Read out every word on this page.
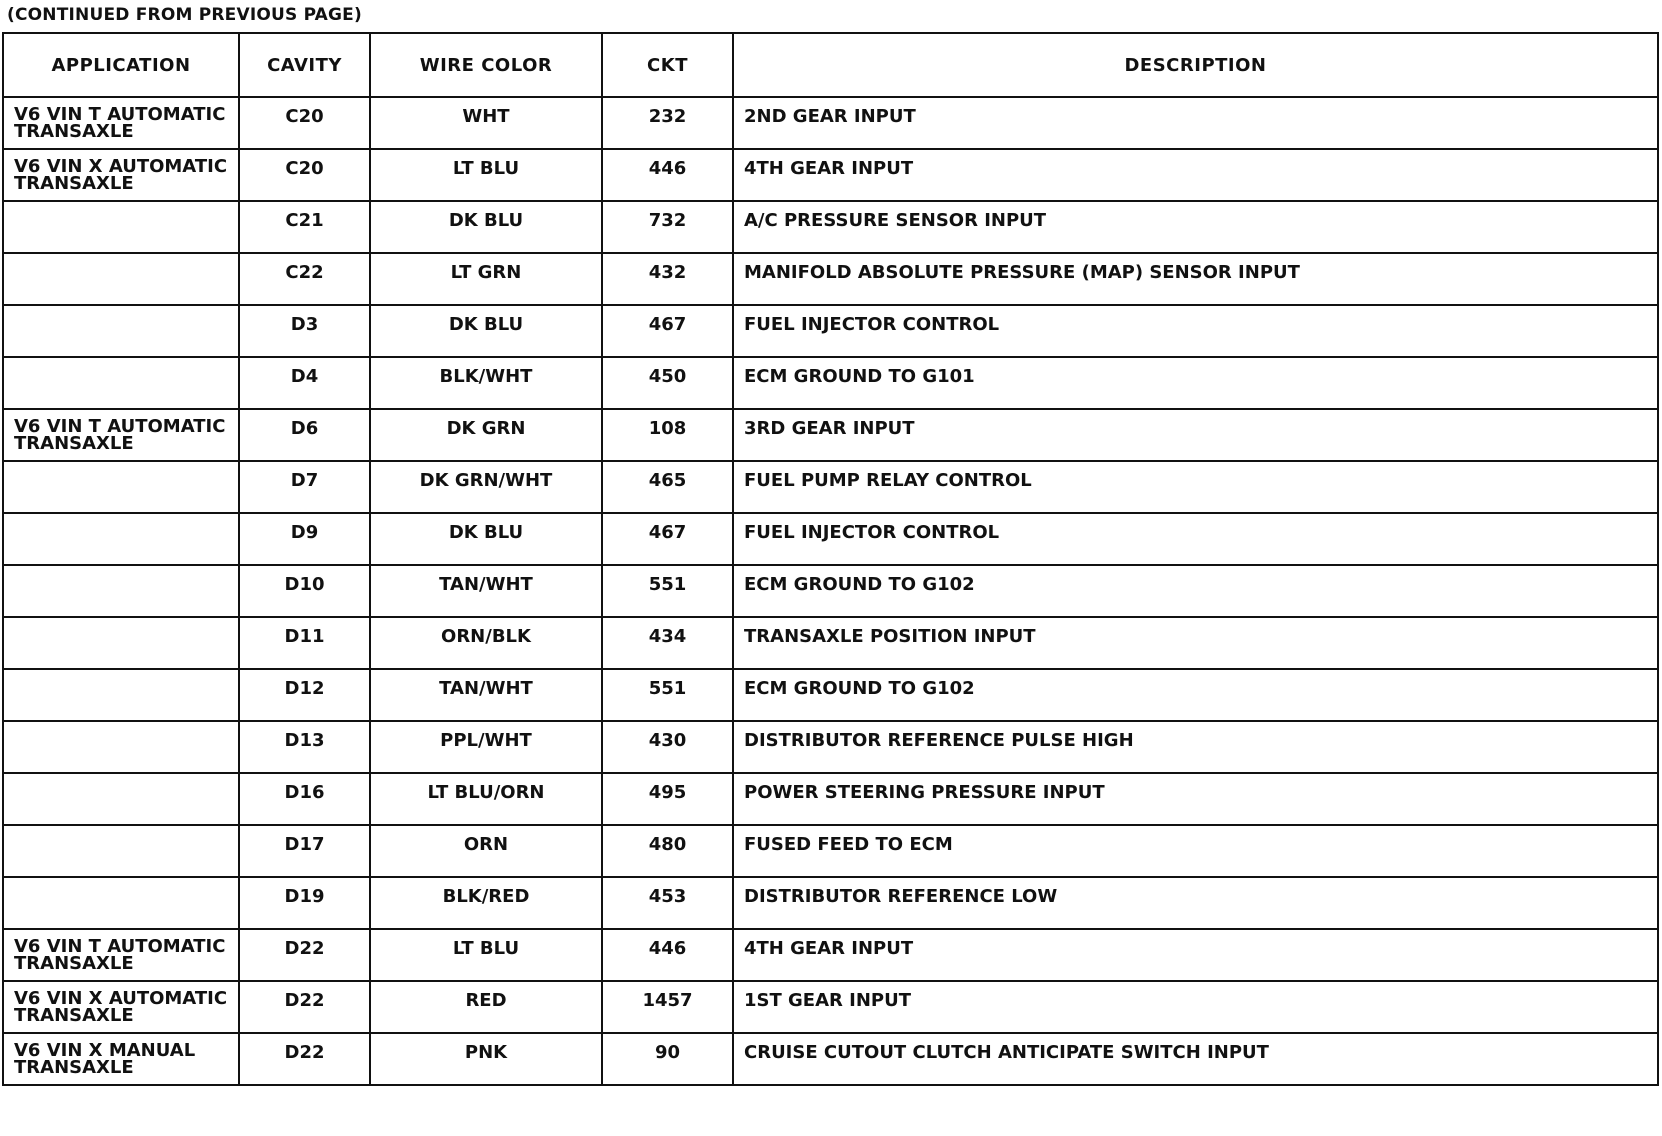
(CONTINUED FROM PREVIOUS PAGE)
APPLICATION	CAVITY	WIRE COLOR	CKT	DESCRIPTION
V6 VIN T AUTOMATIC TRANSAXLE	C20	WHT	232	2ND GEAR INPUT
V6 VIN X AUTOMATIC TRANSAXLE	C20	LT BLU	446	4TH GEAR INPUT
	C21	DK BLU	732	A/C PRESSURE SENSOR INPUT
	C22	LT GRN	432	MANIFOLD ABSOLUTE PRESSURE (MAP) SENSOR INPUT
	D3	DK BLU	467	FUEL INJECTOR CONTROL
	D4	BLK/WHT	450	ECM GROUND TO G101
V6 VIN T AUTOMATIC TRANSAXLE	D6	DK GRN	108	3RD GEAR INPUT
	D7	DK GRN/WHT	465	FUEL PUMP RELAY CONTROL
	D9	DK BLU	467	FUEL INJECTOR CONTROL
	D10	TAN/WHT	551	ECM GROUND TO G102
	D11	ORN/BLK	434	TRANSAXLE POSITION INPUT
	D12	TAN/WHT	551	ECM GROUND TO G102
	D13	PPL/WHT	430	DISTRIBUTOR REFERENCE PULSE HIGH
	D16	LT BLU/ORN	495	POWER STEERING PRESSURE INPUT
	D17	ORN	480	FUSED FEED TO ECM
	D19	BLK/RED	453	DISTRIBUTOR REFERENCE LOW
V6 VIN T AUTOMATIC TRANSAXLE	D22	LT BLU	446	4TH GEAR INPUT
V6 VIN X AUTOMATIC TRANSAXLE	D22	RED	1457	1ST GEAR INPUT
V6 VIN X MANUAL TRANSAXLE	D22	PNK	90	CRUISE CUTOUT CLUTCH ANTICIPATE SWITCH INPUT
